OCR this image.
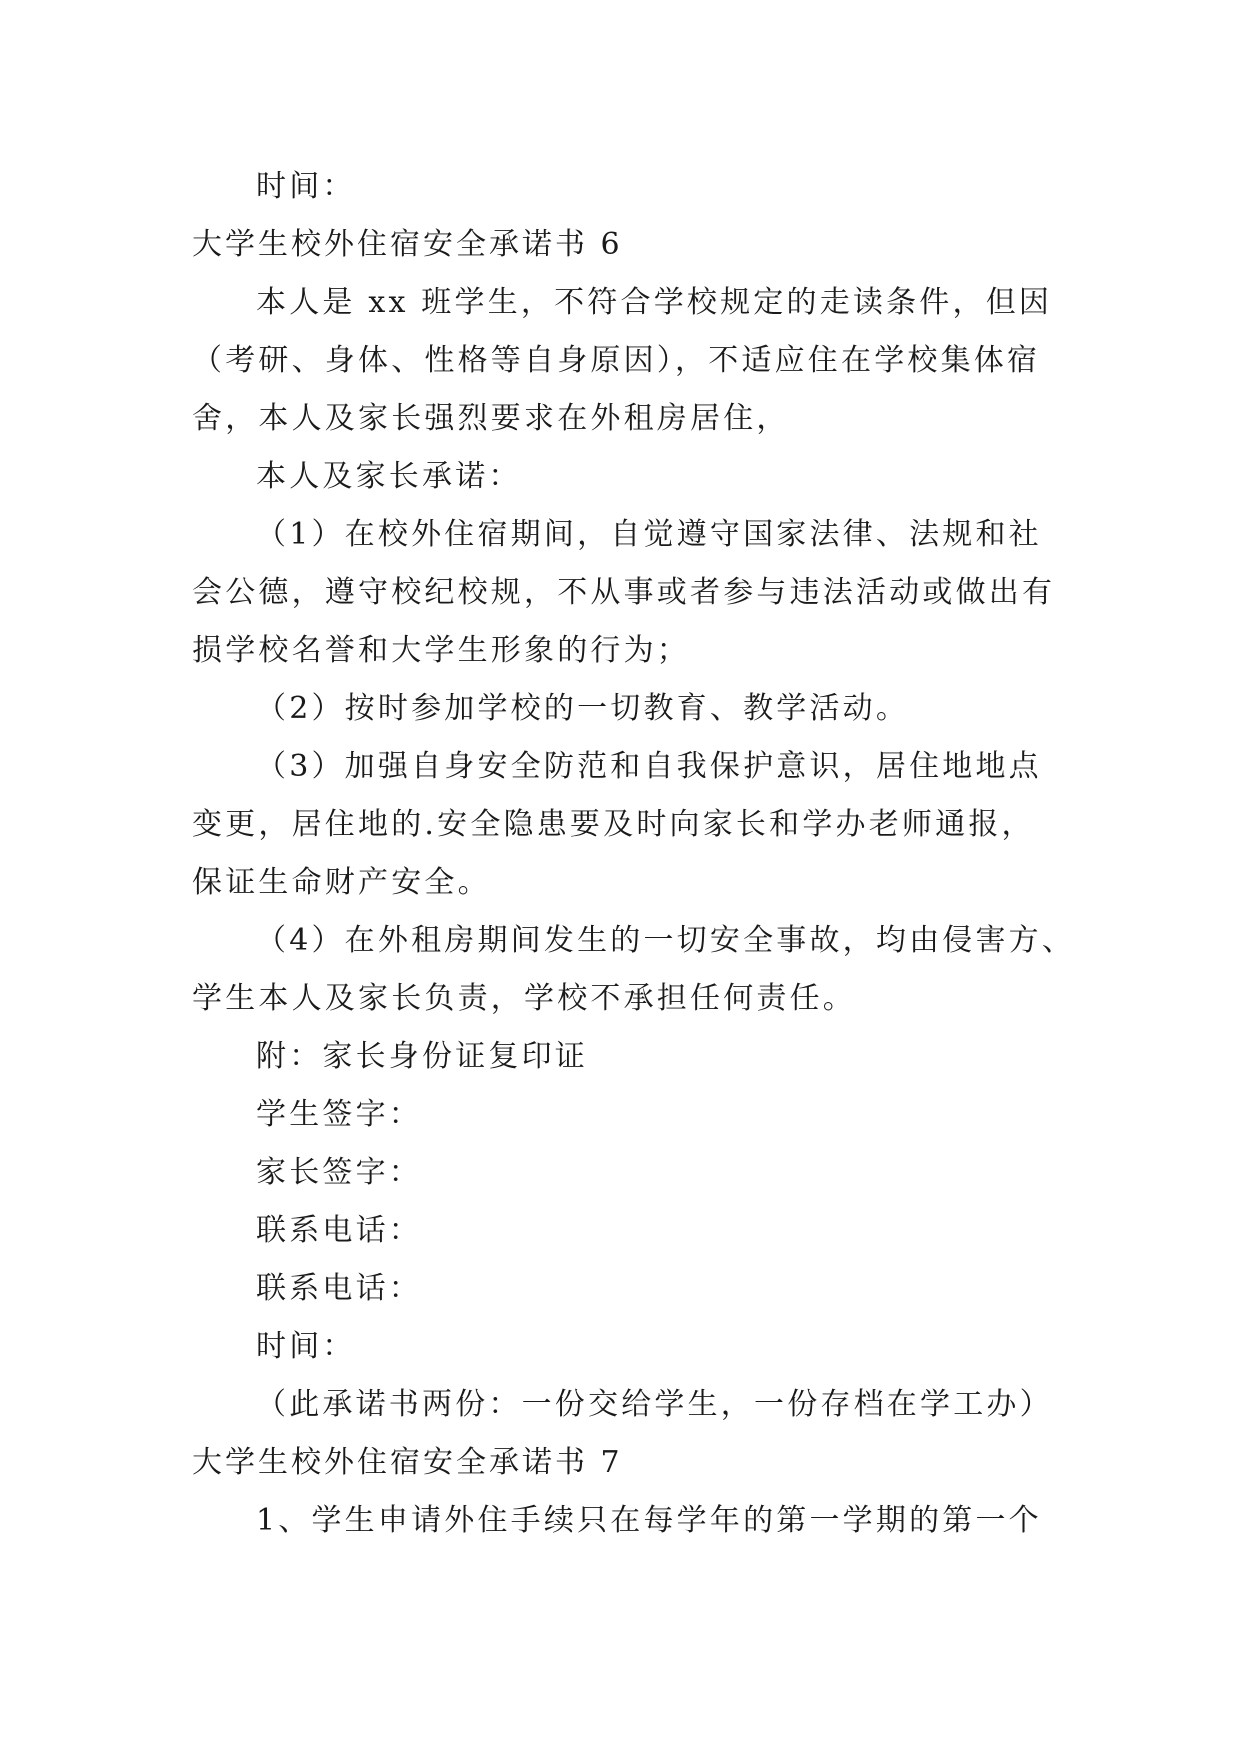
时间：
大学生校外住宿安全承诺书 6
本人是 xx 班学生，不符合学校规定的走读条件，但因
（考研、身体、性格等自身原因），不适应住在学校集体宿
舍，本人及家长强烈要求在外租房居住，
本人及家长承诺：
（1）在校外住宿期间，自觉遵守国家法律、法规和社
会公德，遵守校纪校规，不从事或者参与违法活动或做出有
损学校名誉和大学生形象的行为；
（2）按时参加学校的一切教育、教学活动。
（3）加强自身安全防范和自我保护意识，居住地地点
变更，居住地的.安全隐患要及时向家长和学办老师通报，
保证生命财产安全。
（4）在外租房期间发生的一切安全事故，均由侵害方、
学生本人及家长负责，学校不承担任何责任。
附：家长身份证复印证
学生签字：
家长签字：
联系电话：
联系电话：
时间：
（此承诺书两份：一份交给学生，一份存档在学工办）
大学生校外住宿安全承诺书 7
1、学生申请外住手续只在每学年的第一学期的第一个
